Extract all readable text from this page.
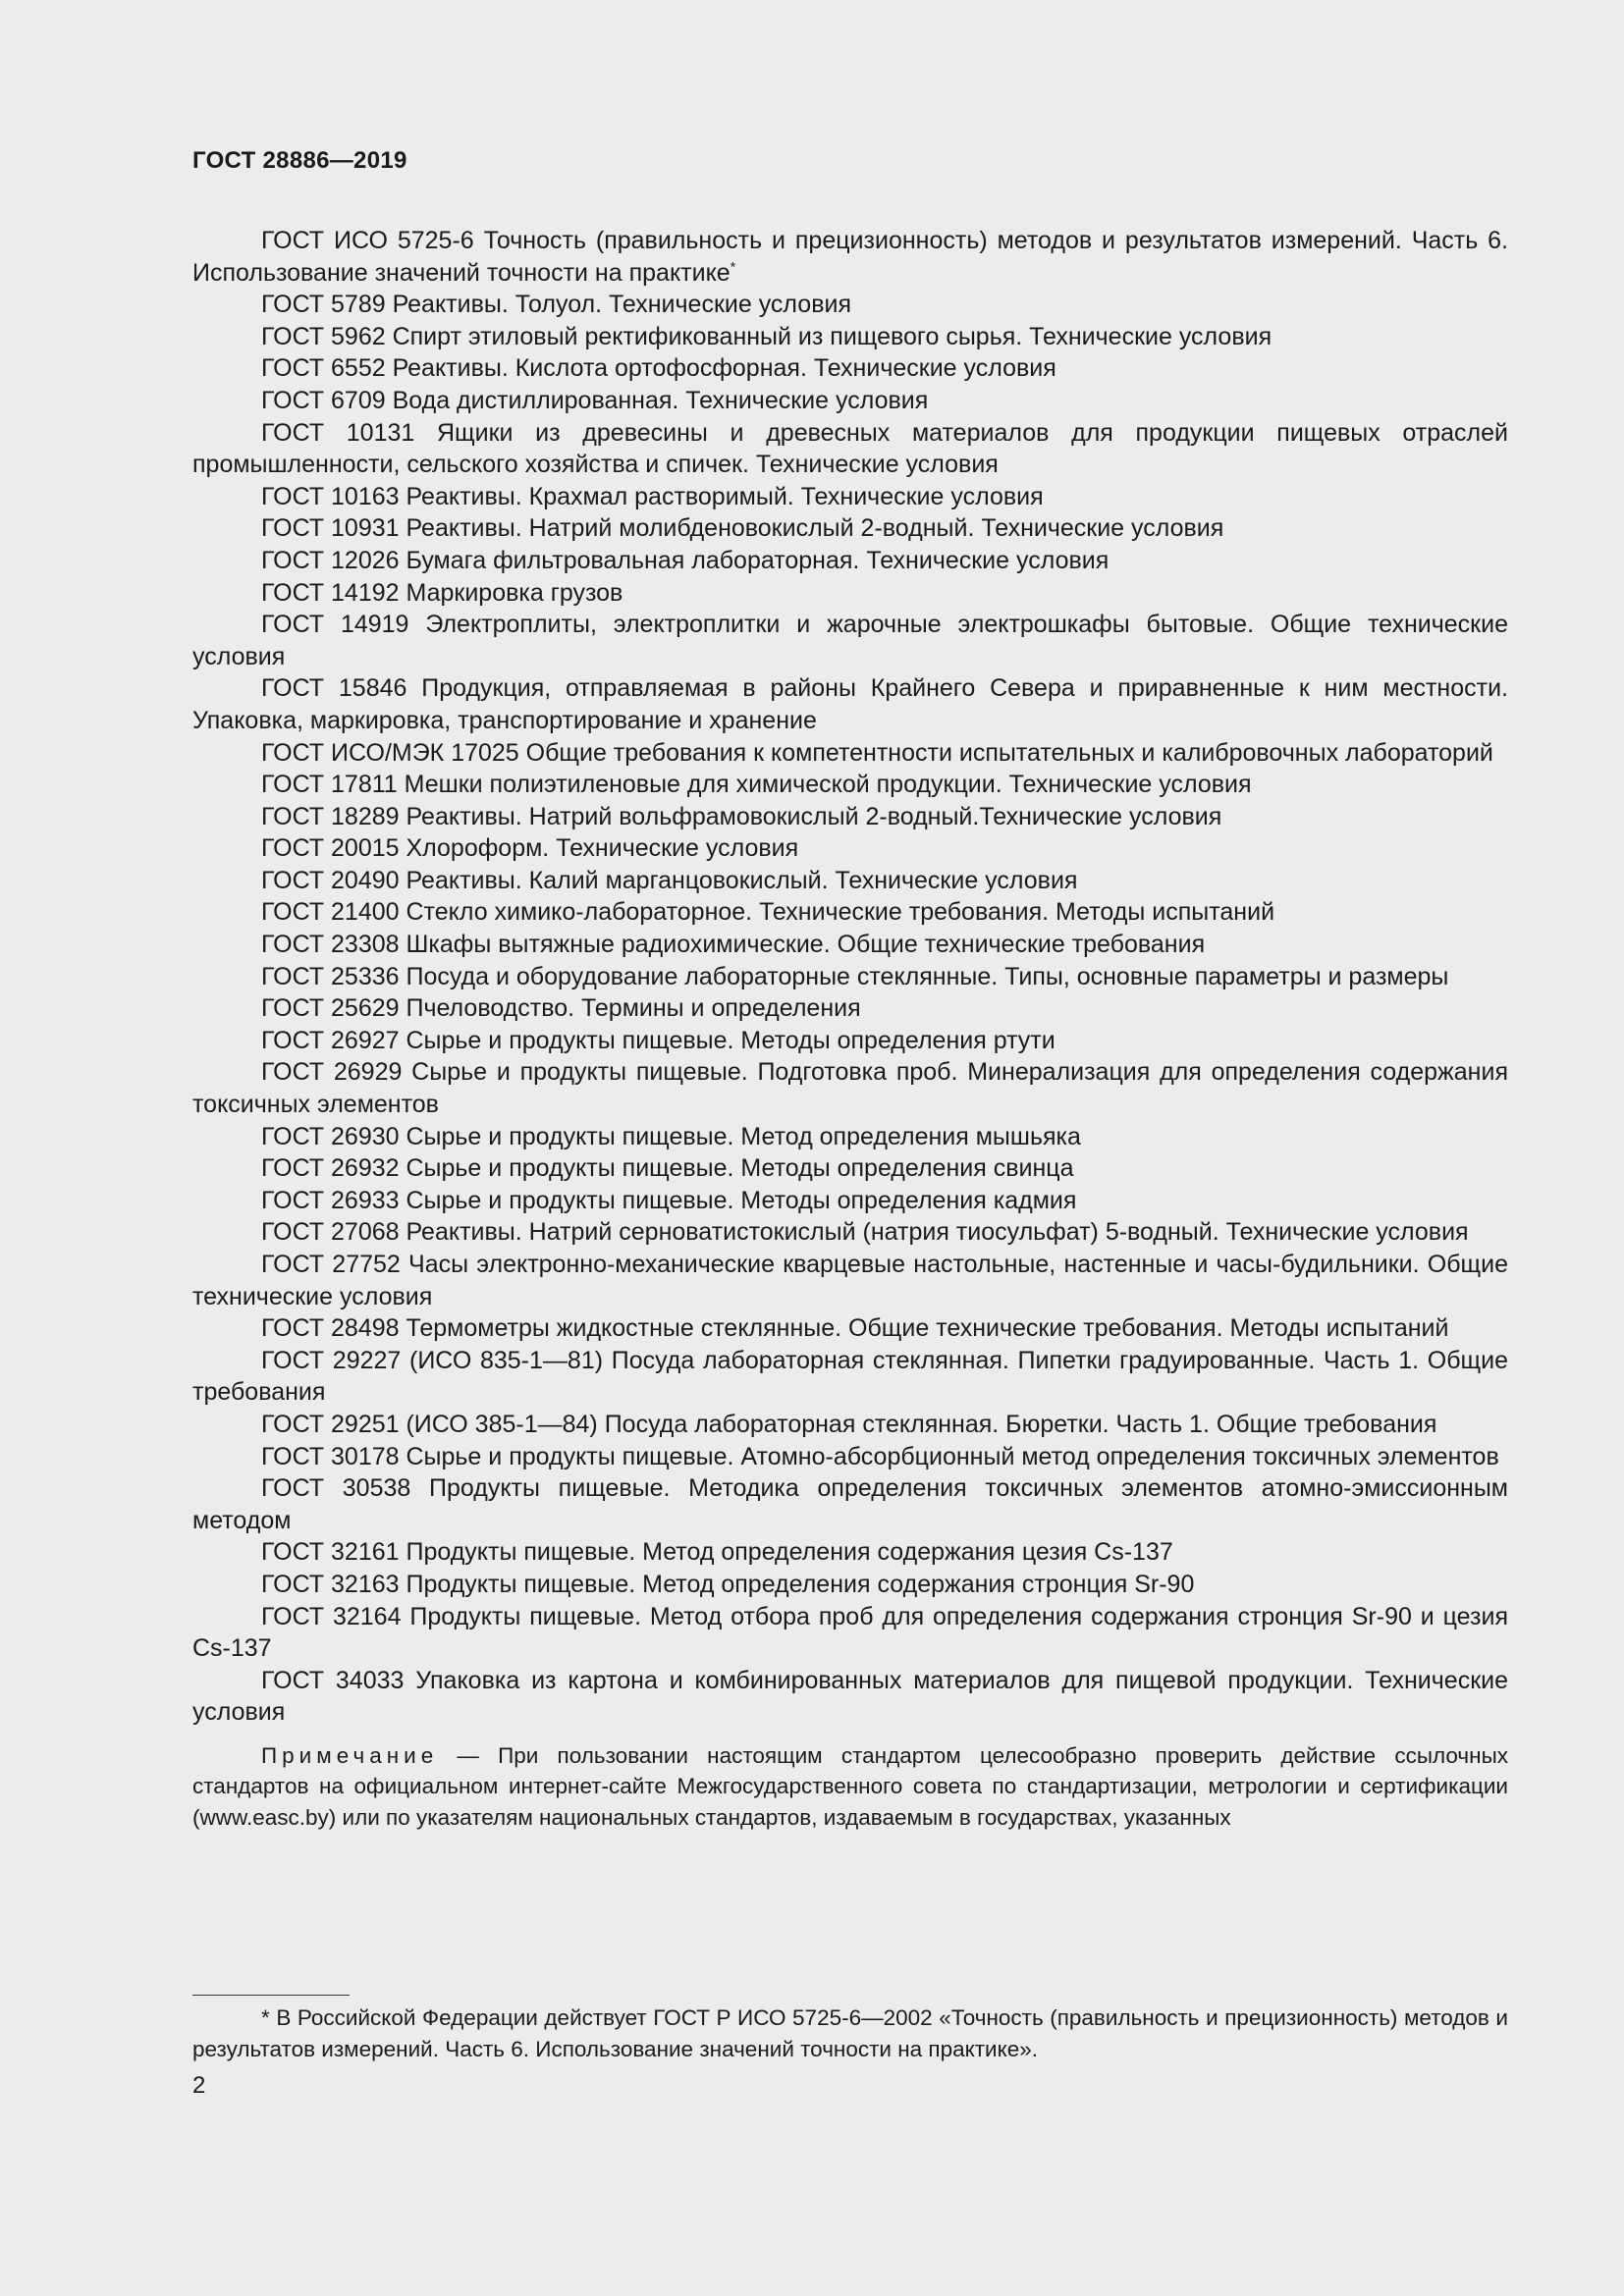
ГОСТ 28886—2019

ГОСТ ИСО 5725-6 Точность (правильность и прецизионность) методов и результатов измерений. Часть 6. Использование значений точности на практике*

ГОСТ 5789 Реактивы. Толуол. Технические условия

ГОСТ 5962 Спирт этиловый ректификованный из пищевого сырья. Технические условия

ГОСТ 6552 Реактивы. Кислота ортофосфорная. Технические условия

ГОСТ 6709 Вода дистиллированная. Технические условия

ГОСТ 10131 Ящики из древесины и древесных материалов для продукции пищевых отраслей промышленности, сельского хозяйства и спичек. Технические условия

ГОСТ 10163 Реактивы. Крахмал растворимый. Технические условия

ГОСТ 10931 Реактивы. Натрий молибденовокислый 2-водный. Технические условия

ГОСТ 12026 Бумага фильтровальная лабораторная. Технические условия

ГОСТ 14192 Маркировка грузов

ГОСТ 14919 Электроплиты, электроплитки и жарочные электрошкафы бытовые. Общие технические условия

ГОСТ 15846 Продукция, отправляемая в районы Крайнего Севера и приравненные к ним местности. Упаковка, маркировка, транспортирование и хранение

ГОСТ ИСО/МЭК 17025 Общие требования к компетентности испытательных и калибровочных лабораторий

ГОСТ 17811 Мешки полиэтиленовые для химической продукции. Технические условия

ГОСТ 18289 Реактивы. Натрий вольфрамовокислый 2-водный.Технические условия

ГОСТ 20015 Хлороформ. Технические условия

ГОСТ 20490 Реактивы. Калий марганцовокислый. Технические условия

ГОСТ 21400 Стекло химико-лабораторное. Технические требования. Методы испытаний

ГОСТ 23308 Шкафы вытяжные радиохимические. Общие технические требования

ГОСТ 25336 Посуда и оборудование лабораторные стеклянные. Типы, основные параметры и размеры

ГОСТ 25629 Пчеловодство. Термины и определения

ГОСТ 26927 Сырье и продукты пищевые. Методы определения ртути

ГОСТ 26929 Сырье и продукты пищевые. Подготовка проб. Минерализация для определения содержания токсичных элементов

ГОСТ 26930 Сырье и продукты пищевые. Метод определения мышьяка

ГОСТ 26932 Сырье и продукты пищевые. Методы определения свинца

ГОСТ 26933 Сырье и продукты пищевые. Методы определения кадмия

ГОСТ 27068 Реактивы. Натрий серноватистокислый (натрия тиосульфат) 5-водный. Технические условия

ГОСТ 27752 Часы электронно-механические кварцевые настольные, настенные и часы-будильники. Общие технические условия

ГОСТ 28498 Термометры жидкостные стеклянные. Общие технические требования. Методы испытаний

ГОСТ 29227 (ИСО 835-1—81) Посуда лабораторная стеклянная. Пипетки градуированные. Часть 1. Общие требования

ГОСТ 29251 (ИСО 385-1—84) Посуда лабораторная стеклянная. Бюретки. Часть 1. Общие требования

ГОСТ 30178 Сырье и продукты пищевые. Атомно-абсорбционный метод определения токсичных элементов

ГОСТ 30538 Продукты пищевые. Методика определения токсичных элементов атомно-эмиссионным методом

ГОСТ 32161 Продукты пищевые. Метод определения содержания цезия Cs-137

ГОСТ 32163 Продукты пищевые. Метод определения содержания стронция Sr-90

ГОСТ 32164 Продукты пищевые. Метод отбора проб для определения содержания стронция Sr-90 и цезия Cs-137

ГОСТ 34033 Упаковка из картона и комбинированных материалов для пищевой продукции. Технические условия

Примечание — При пользовании настоящим стандартом целесообразно проверить действие ссылочных стандартов на официальном интернет-сайте Межгосударственного совета по стандартизации, метрологии и сертификации (www.easc.by) или по указателям национальных стандартов, издаваемым в государствах, указанных
* В Российской Федерации действует ГОСТ Р ИСО 5725-6—2002 «Точность (правильность и прецизионность) методов и результатов измерений. Часть 6. Использование значений точности на практике».
2
